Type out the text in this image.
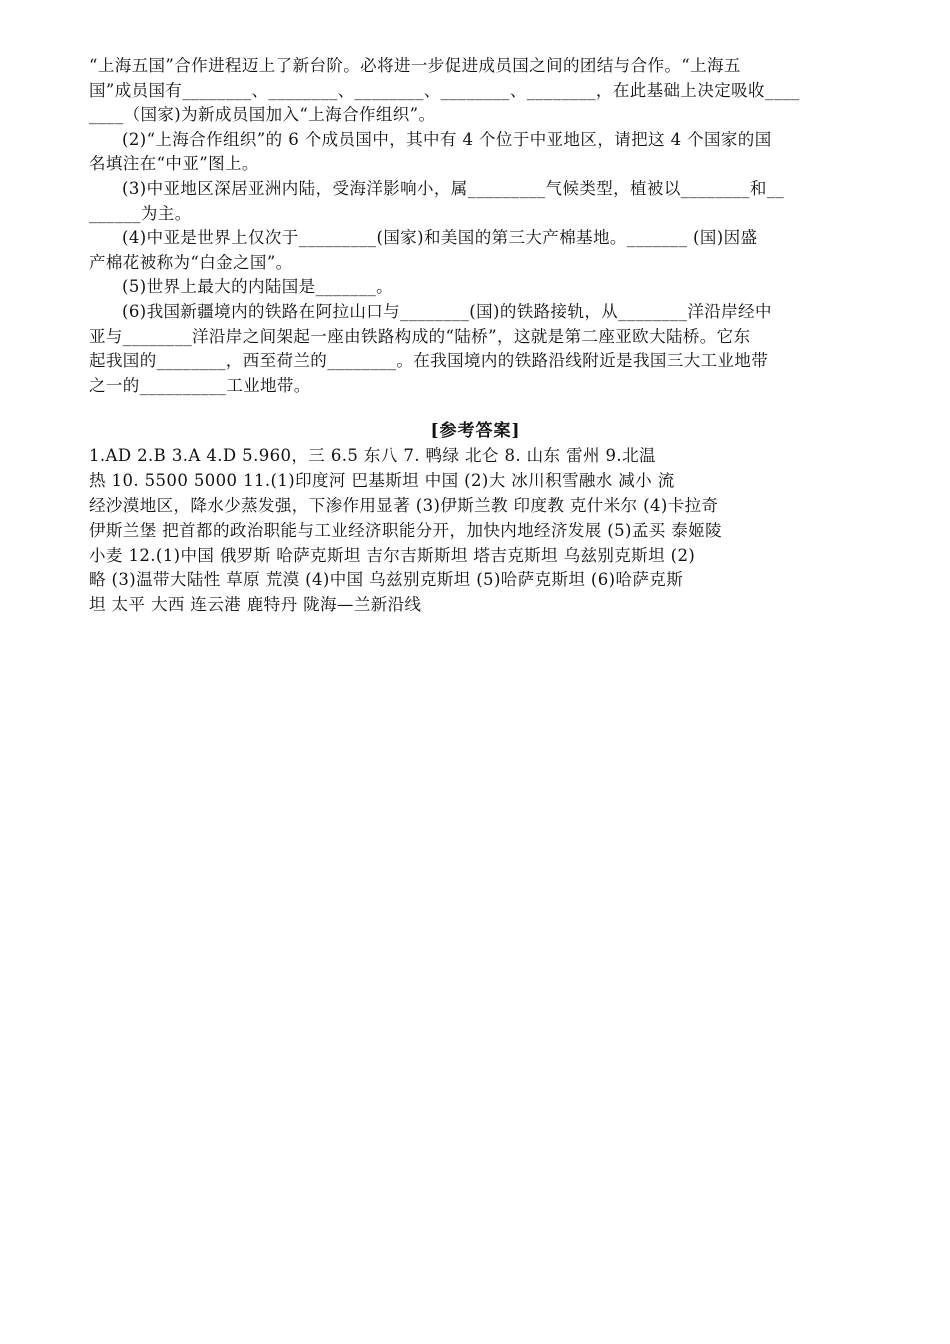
“上海五国”合作进程迈上了新台阶。必将进一步促进成员国之间的团结与合作。“上海五
国”成员国有________、________、________、________、________，在此基础上决定吸收____
____（国家)为新成员国加入“上海合作组织”。
(2)“上海合作组织”的 6 个成员国中，其中有 4 个位于中亚地区，请把这 4 个国家的国
名填注在“中亚”图上。
(3)中亚地区深居亚洲内陆，受海洋影响小，属_________气候类型，植被以________和__
______为主。
(4)中亚是世界上仅次于_________(国家)和美国的第三大产棉基地。_______ (国)因盛
产棉花被称为“白金之国”。
(5)世界上最大的内陆国是_______。
(6)我国新疆境内的铁路在阿拉山口与________(国)的铁路接轨，从________洋沿岸经中
亚与________洋沿岸之间架起一座由铁路构成的“陆桥”，这就是第二座亚欧大陆桥。它东
起我国的________，西至荷兰的________。在我国境内的铁路沿线附近是我国三大工业地带
之一的__________工业地带。
[参考答案]
1.AD 2.B 3.A 4.D 5.960，三 6.5 东八 7. 鸭绿 北仑 8. 山东 雷州 9.北温
热 10. 5500 5000 11.(1)印度河 巴基斯坦 中国 (2)大 冰川积雪融水 减小 流
经沙漠地区，降水少蒸发强，下渗作用显著 (3)伊斯兰教 印度教 克什米尔 (4)卡拉奇
伊斯兰堡 把首都的政治职能与工业经济职能分开，加快内地经济发展 (5)孟买 泰姬陵
小麦 12.(1)中国 俄罗斯 哈萨克斯坦 吉尔吉斯斯坦 塔吉克斯坦 乌兹别克斯坦 (2)
略 (3)温带大陆性 草原 荒漠 (4)中国 乌兹别克斯坦 (5)哈萨克斯坦 (6)哈萨克斯
坦 太平 大西 连云港 鹿特丹 陇海—兰新沿线
